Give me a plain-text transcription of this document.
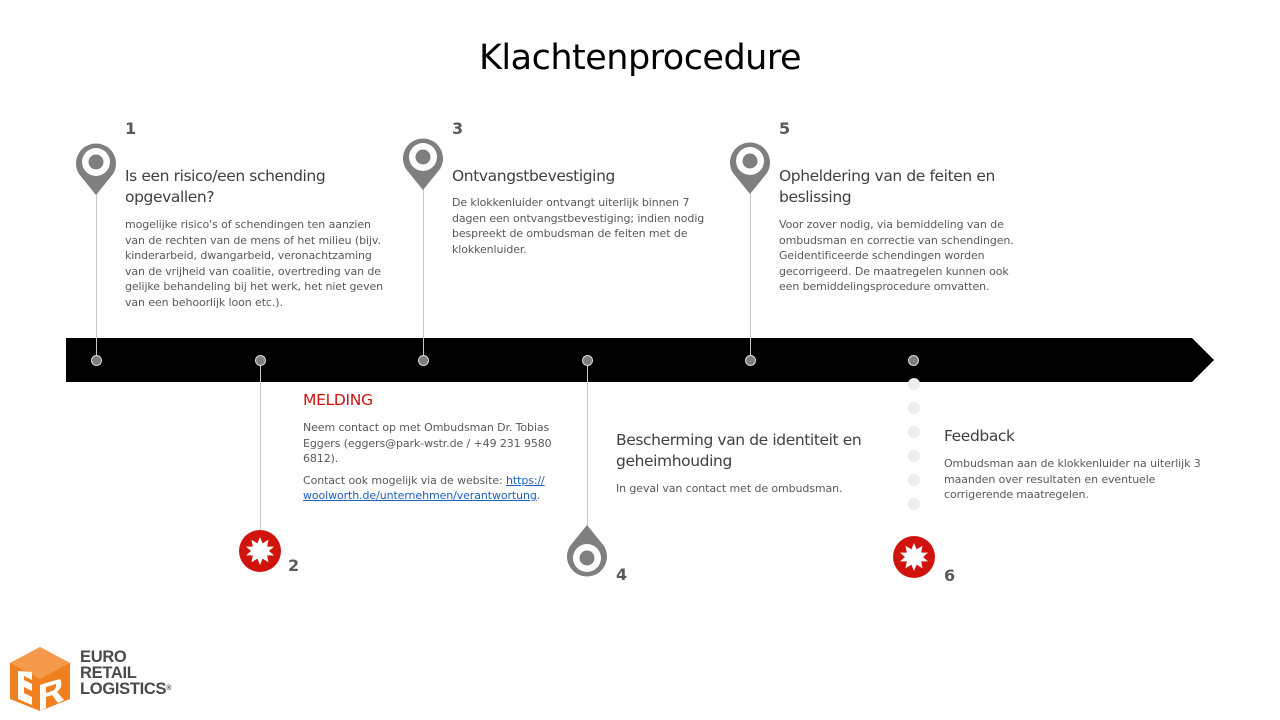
Klachtenprocedure
1
Is een risico/een schending opgevallen?
mogelijke risico's of schendingen ten aanzien van de rechten van de mens of het milieu (bijv. kinderarbeid, dwangarbeid, veronachtzaming van de vrijheid van coalitie, overtreding van de gelijke behandeling bij het werk, het niet geven van een behoorlijk loon etc.).
MELDING

Neem contact op met Ombudsman Dr. Tobias Eggers (eggers@park-wstr.de / +49 231 9580 6812).

Contact ook mogelijk via de website: https://woolworth.de/unternehmen/verantwortung.

2
3
Ontvangstbevestiging
De klokkenluider ontvangt uiterlijk binnen 7 dagen een ontvangstbevestiging; indien nodig bespreekt de ombudsman de feiten met de klokkenluider.
Bescherming van de identiteit en geheimhouding
In geval van contact met de ombudsman.
4
5
Opheldering van de feiten en beslissing
Voor zover nodig, via bemiddeling van de ombudsman en correctie van schendingen. Geidentificeerde schendingen worden gecorrigeerd. De maatregelen kunnen ook een bemiddelingsprocedure omvatten.
Feedback
Ombudsman aan de klokkenluider na uiterlijk 3 maanden over resultaten en eventuele corrigerende maatregelen.
6
EURO
RETAIL
LOGISTICS®
